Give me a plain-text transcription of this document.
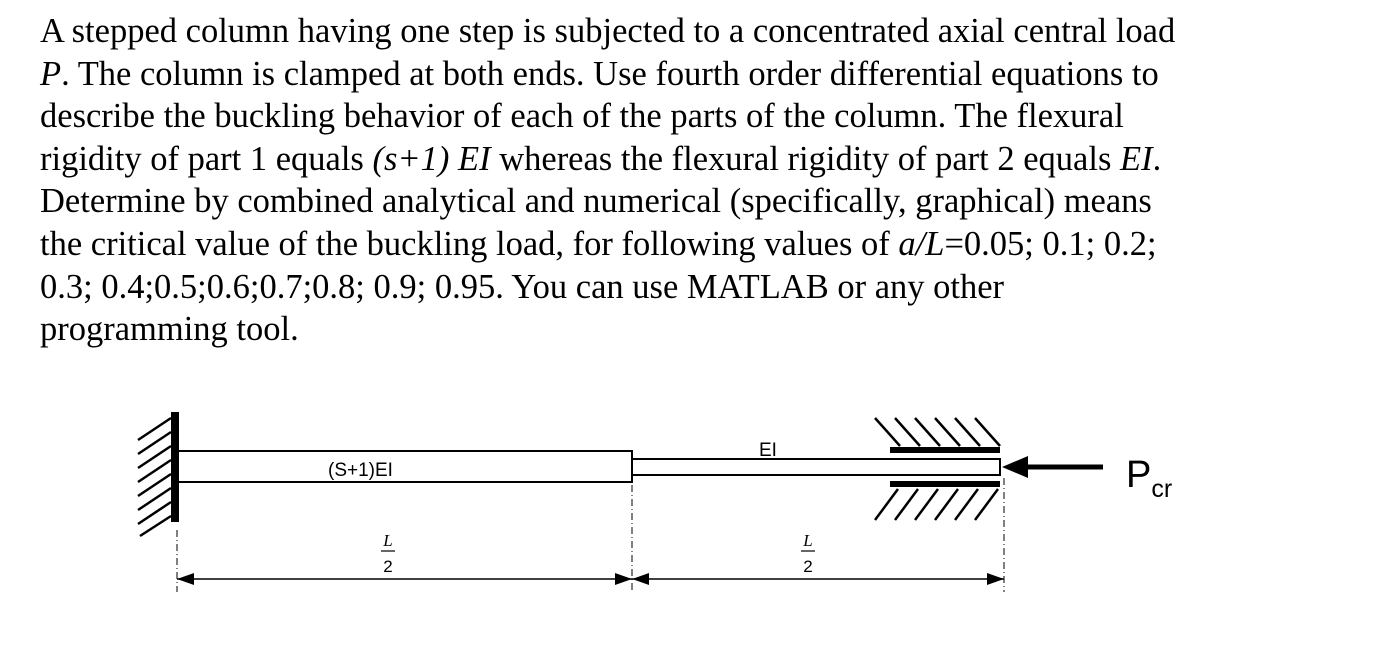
A stepped column having one step is subjected to a concentrated axial central load
P. The column is clamped at both ends. Use fourth order differential equations to
describe the buckling behavior of each of the parts of the column. The flexural
rigidity of part 1 equals (s+1) EI whereas the flexural rigidity of part 2 equals EI.
Determine by combined analytical and numerical (specifically, graphical) means
the critical value of the buckling load, for following values of a/L=0.05; 0.1; 0.2;
0.3; 0.4;0.5;0.6;0.7;0.8; 0.9; 0.95. You can use MATLAB or any other
programming tool.
(S+1)EI
EI
$P_{cr}$
L
2
L
2
